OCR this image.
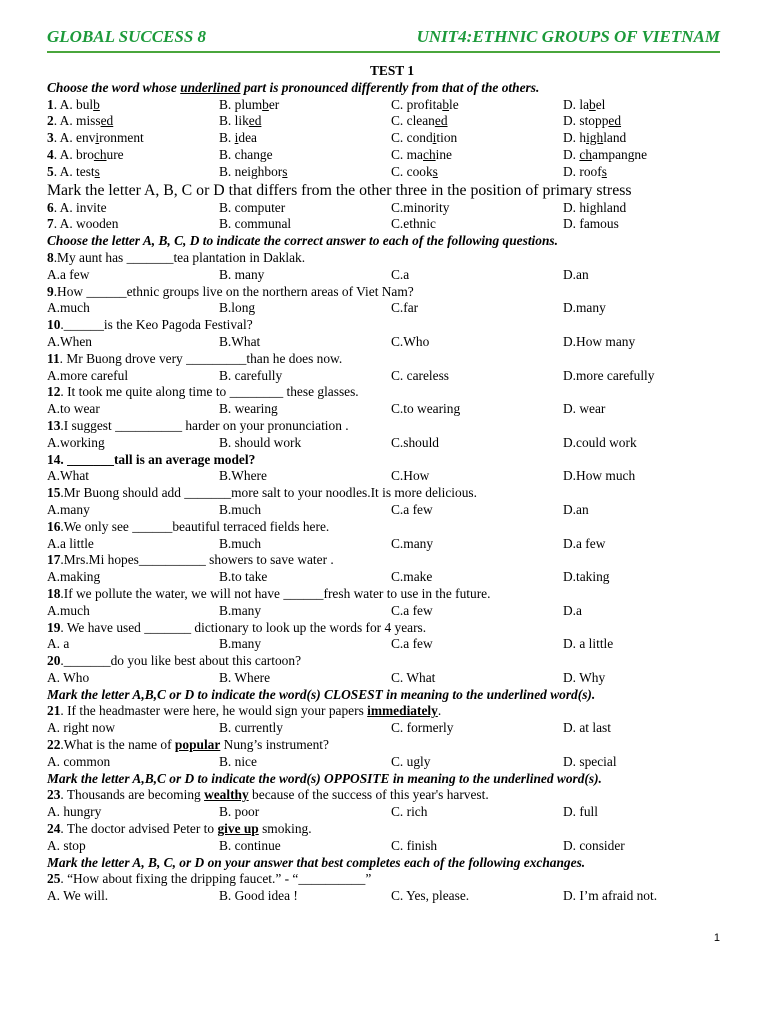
GLOBAL SUCCESS 8	UNIT4:ETHNIC GROUPS OF VIETNAM
TEST 1
Choose the word whose underlined part is pronounced differently from that of the others.
1. A. bulb	B. plumber	C. profitable	D. label
2. A. missed	B. liked	C. cleaned	D. stopped
3. A. environment	B. idea	C. condition	D. highland
4. A. brochure	B. change	C. machine	D. champangne
5. A. tests	B. neighbors	C. cooks	D. roofs
Mark the letter A, B, C or D that differs from the other three in the position of primary stress
6. A. invite	B. computer	C.minority	D. highland
7. A. wooden	B. communal	C.ethnic	D. famous
Choose the letter A, B, C, D to indicate the correct answer to each of the following questions.
8.My aunt has _______tea plantation in Daklak.
A.a few	B. many	C.a	D.an
9.How ______ethnic groups live on the northern areas of Viet Nam?
A.much	B.long	C.far	D.many
10.______is the Keo Pagoda Festival?
A.When	B.What	C.Who	D.How many
11. Mr Buong drove very _________than he does now.
A.more careful	B. carefully	C. careless	D.more carefully
12. It took me quite along time to ________ these glasses.
A.to wear	B. wearing	C.to wearing	D. wear
13.I suggest __________ harder on your pronunciation .
A.working	B. should work	C.should	D.could work
14. _______tall is an average model?
A.What	B.Where	C.How	D.How much
15.Mr Buong should add _______more salt to your noodles.It is more delicious.
A.many	B.much	C.a few	D.an
16.We only see ______beautiful terraced fields here.
A.a little	B.much	C.many	D.a few
17.Mrs.Mi hopes__________ showers to save water .
A.making	B.to take	C.make	D.taking
18.If we pollute the water, we will not have ______fresh water to use in the future.
A.much	B.many	C.a few	D.a
19. We have used _______ dictionary to look up the words for 4 years.
A. a	B.many	C.a few	D. a little
20._______do you like best about this cartoon?
A. Who	B. Where	C. What	D. Why
Mark the letter A,B,C or D to indicate the word(s) CLOSEST in meaning to the underlined word(s).
21. If the headmaster were here, he would sign your papers immediately.
A. right now	B. currently	C. formerly	D. at last
22.What is the name of popular Nung’s instrument?
A. common	B. nice	C. ugly	D. special
Mark the letter A,B,C or D to indicate the word(s) OPPOSITE in meaning to the underlined word(s).
23. Thousands are becoming wealthy because of the success of this year's harvest.
A. hungry	B. poor	C. rich	D. full
24. The doctor advised Peter to give up smoking.
A. stop	B. continue	C. finish	D. consider
Mark the letter A, B, C, or D on your answer that best completes each of the following exchanges.
25. “How about fixing the dripping faucet.” - “__________”
A. We will.	B. Good idea !	C. Yes, please.	D. I’m afraid not.
1
